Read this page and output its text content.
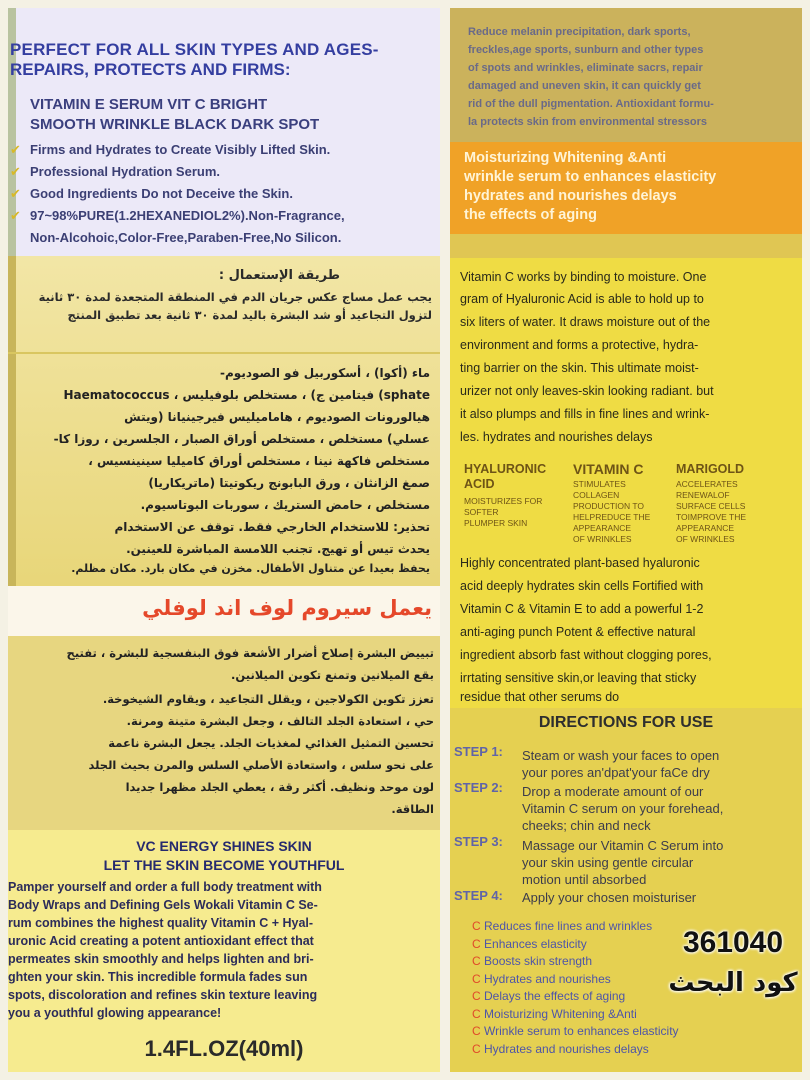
PERFECT FOR ALL SKIN TYPES AND AGES-
REPAIRS, PROTECTS AND FIRMS:
VITAMIN E SERUM VIT C BRIGHT
SMOOTH WRINKLE BLACK DARK SPOT
✔ Firms and Hydrates to Create Visibly Lifted Skin.
✔ Professional Hydration Serum.
✔ Good Ingredients Do not Deceive the Skin.
✔ 97~98%PURE(1.2HEXANEDIOL2%).Non-Fragrance,
Non-Alcohoic,Color-Free,Paraben-Free,No Silicon.
طريقة الإستعمال :
يجب عمل مساج عكس جريان الدم في المنطقة المتجعدة لمدة ٣٠ ثانية
لتزول التجاعيد أو شد البشرة باليد لمدة ٣٠ ثانية بعد تطبيق المنتج
ماء (أكوا) ، أسكوربيل فو الصوديوم-
sphate) فيتامين ج) ، مستخلص بلوفيليس ، Haematococcus
هيالورونات الصوديوم ، هاماميليس فيرجينيانا (ويتش
عسلي) مستخلص ، مستخلص أوراق الصبار ، الجلسرين ، روزا كا-
مستخلص فاكهة نينا ، مستخلص أوراق كاميليا سينينسيس ،
صمغ الزانثان ، ورق البابونج ريكوتيتا (ماتريكاريا)
مستخلص ، حامض الستريك ، سوربات البوتاسيوم.
تحذير: للاستخدام الخارجي فقط. توقف عن الاستخدام
يحدث تيس أو تهيج. تجنب اللامسة المباشرة للعينين.
يحفظ بعيدا عن متناول الأطفال. مخزن في مكان بارد. مكان مظلم.
يعمل سيروم لوف اند لوفلي
تبييض البشرة إصلاح أضرار الأشعة فوق البنفسجية للبشرة ، تفتيح
بقع الميلانين وتمنع تكوين الميلانين.
تعزز تكوين الكولاجين ، ويقلل التجاعيد ، ويقاوم الشيخوخة.
حي ، استعادة الجلد التالف ، وجعل البشرة متينة ومرنة.
تحسين التمثيل الغذائي لمغذيات الجلد. يجعل البشرة ناعمة
على نحو سلس ، واستعادة الأصلي السلس والمرن بحيث الجلد
لون موحد ونظيف. أكثر رقة ، يعطي الجلد مظهرا جديدا
الطاقة.
VC ENERGY SHINES SKIN
LET THE SKIN BECOME YOUTHFUL
Pamper yourself and order a full body treatment with
Body Wraps and Defining Gels Wokali Vitamin C Se-
rum combines the highest quality Vitamin C + Hyal-
uronic Acid creating a potent antioxidant effect that
permeates skin smoothly and helps lighten and bri-
ghten your skin. This incredible formula fades sun
spots, discoloration and refines skin texture leaving
you a youthful glowing appearance!
1.4FL.OZ(40ml)
Reduce melanin precipitation, dark sports,
freckles,age sports, sunburn and other types
of spots and wrinkles, eliminate sacrs, repair
damaged and uneven skin, it can quickly get
rid of the dull pigmentation. Antioxidant formu-
la protects skin from environmental stressors
Moisturizing Whitening &Anti
wrinkle serum to enhances elasticity
hydrates and nourishes delays
the effects of aging
Vitamin C works by binding to moisture. One
gram of Hyaluronic Acid is able to hold up to
six liters of water. It draws moisture out of the
environment and forms a protective, hydra-
ting barrier on the skin. This ultimate moist-
urizer not only leaves-skin looking radiant. but
it also plumps and fills in fine lines and wrink-
les. hydrates and nourishes delays
HYALURONIC
ACID
MOISTURIZES FOR
SOFTER
PLUMPER SKIN
VITAMIN C
STIMULATES
COLLAGEN
PRODUCTION TO
HELPREDUCE THE
APPEARANCE
OF WRINKLES
MARIGOLD
ACCELERATES
RENEWALOF
SURFACE CELLS
TOIMPROVE THE
APPEARANCE
OF WRINKLES
Highly concentrated plant-based hyaluronic
acid deeply hydrates skin cells Fortified with
Vitamin C & Vitamin E to add a powerful 1-2
anti-aging punch Potent & effective natural
ingredient absorb fast without clogging pores,
irrtating sensitive skin,or leaving that sticky
residue that other serums do
DIRECTIONS FOR USE
STEP 1: Steam or wash your faces to open
your pores an'dpat'your faCe dry
STEP 2: Drop a moderate amount of our
Vitamin C serum on your forehead,
cheeks; chin and neck
STEP 3: Massage our Vitamin C Serum into
your skin using gentle circular
motion until absorbed
STEP 4: Apply your chosen moisturiser
C Reduces fine lines and wrinkles
C Enhances elasticity
C Boosts skin strength
C Hydrates and nourishes
C Delays the effects of aging
C Moisturizing Whitening &Anti
C Wrinkle serum to enhances elasticity
C Hydrates and nourishes delays
361040
كود البحث
